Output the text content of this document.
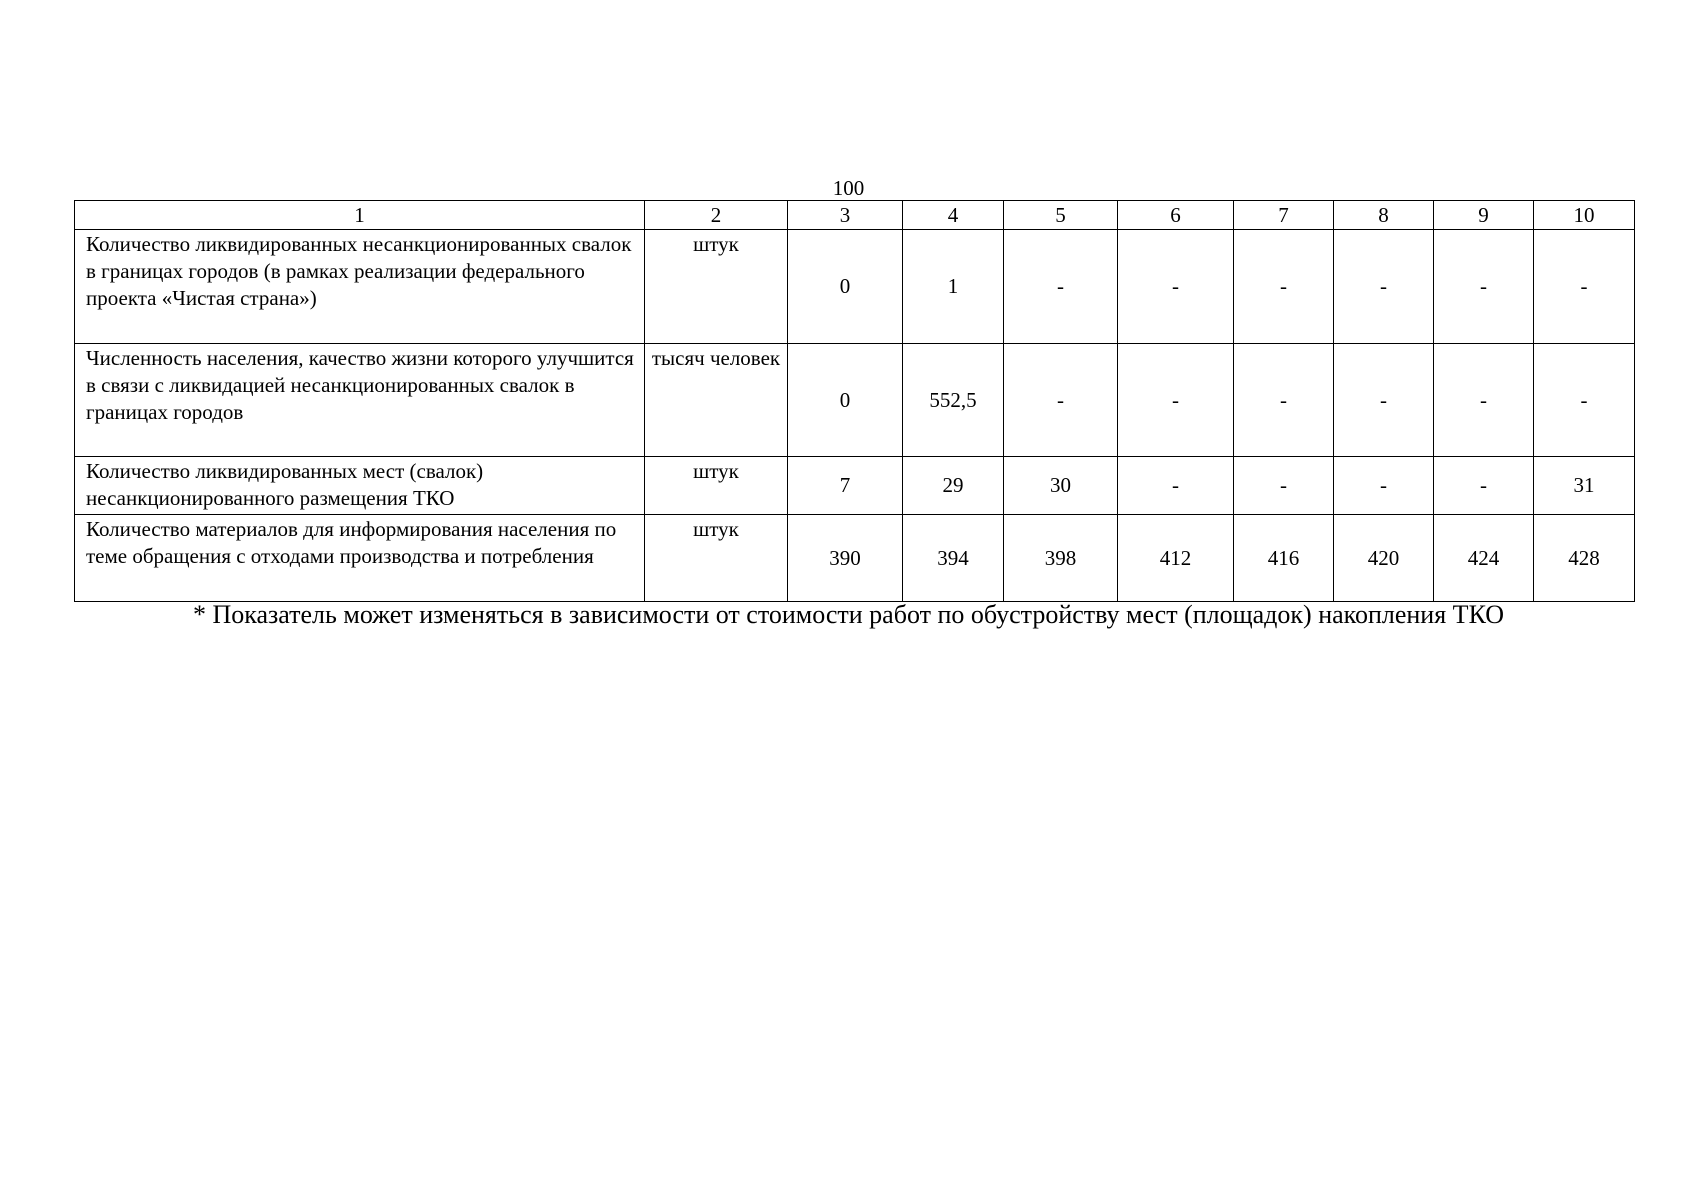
100
1	2	3	4	5	6	7	8	9	10
Количество ликвидированных несанкционированных свалок в границах городов (в рамках реализации федерального проекта «Чистая страна»)	штук	0	1	-	-	-	-	-	-
Численность населения, качество жизни которого улучшится в связи с ликвидацией несанкционированных свалок в границах городов	тысяч человек	0	552,5	-	-	-	-	-	-
Количество ликвидированных мест (свалок) несанкционированного размещения ТКО	штук	7	29	30	-	-	-	-	31
Количество материалов для информирования населения по теме обращения с отходами производства и потребления	штук	390	394	398	412	416	420	424	428
* Показатель может изменяться в зависимости от стоимости работ по обустройству мест (площадок) накопления ТКО
